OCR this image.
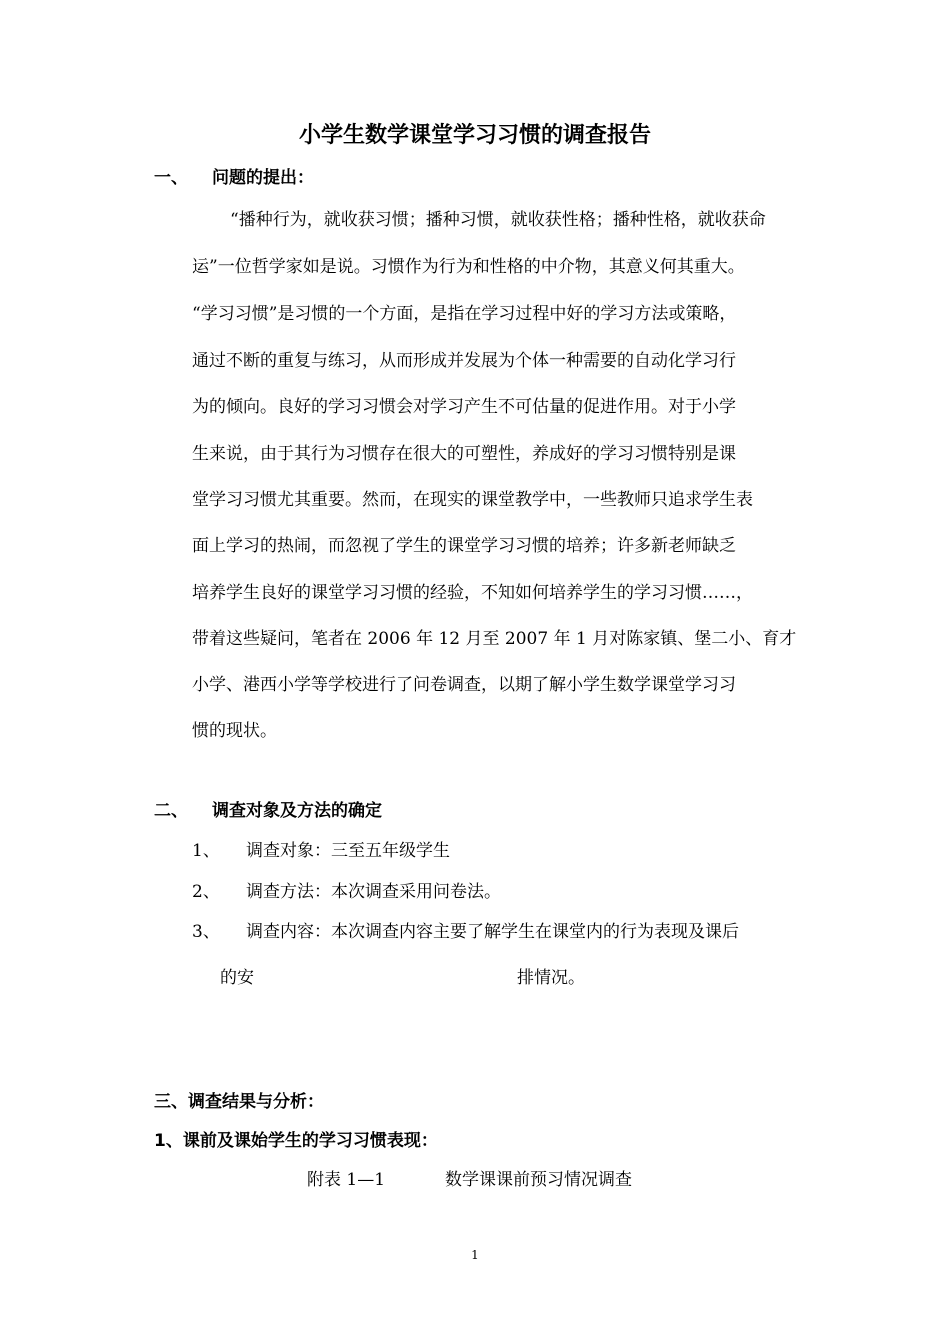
小学生数学课堂学习习惯的调查报告
一、 问题的提出：
“播种行为，就收获习惯；播种习惯，就收获性格；播种性格，就收获命
运”一位哲学家如是说。习惯作为行为和性格的中介物，其意义何其重大。
“学习习惯”是习惯的一个方面，是指在学习过程中好的学习方法或策略，
通过不断的重复与练习，从而形成并发展为个体一种需要的自动化学习行
为的倾向。良好的学习习惯会对学习产生不可估量的促进作用。对于小学
生来说，由于其行为习惯存在很大的可塑性，养成好的学习习惯特别是课
堂学习习惯尤其重要。然而，在现实的课堂教学中，一些教师只追求学生表
面上学习的热闹，而忽视了学生的课堂学习习惯的培养；许多新老师缺乏
培养学生良好的课堂学习习惯的经验，不知如何培养学生的学习习惯……，
带着这些疑问，笔者在 2006 年 12 月至 2007 年 1 月对陈家镇、堡二小、育才
小学、港西小学等学校进行了问卷调查，以期了解小学生数学课堂学习习
惯的现状。
二、 调查对象及方法的确定
1、 调查对象：三至五年级学生
2、 调查方法：本次调查采用问卷法。
3、 调查内容：本次调查内容主要了解学生在课堂内的行为表现及课后
的安	排情况。
三、调查结果与分析：
1、课前及课始学生的学习习惯表现：
附表 1—1	数学课课前预习情况调查
1
